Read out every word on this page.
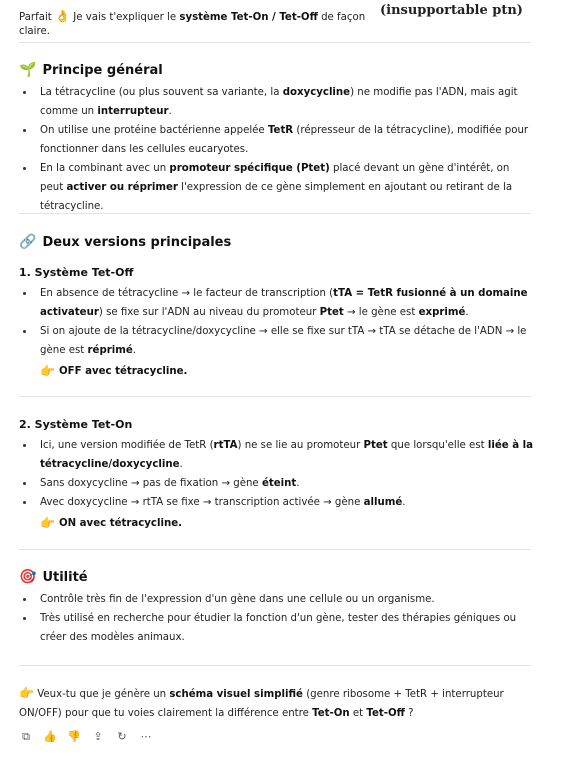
Parfait 👌 Je vais t'expliquer le système Tet-On / Tet-Off de façon claire.
(insupportable ptn)
🌱 Principe général
La tétracycline (ou plus souvent sa variante, la doxycycline) ne modifie pas l'ADN, mais agit comme un interrupteur.
On utilise une protéine bactérienne appelée TetR (répresseur de la tétracycline), modifiée pour fonctionner dans les cellules eucaryotes.
En la combinant avec un promoteur spécifique (Ptet) placé devant un gène d'intérêt, on peut activer ou réprimer l'expression de ce gène simplement en ajoutant ou retirant de la tétracycline.
🔗 Deux versions principales
1. Système Tet-Off
En absence de tétracycline → le facteur de transcription (tTA = TetR fusionné à un domaine activateur) se fixe sur l'ADN au niveau du promoteur Ptet → le gène est exprimé.
Si on ajoute de la tétracycline/doxycycline → elle se fixe sur tTA → tTA se détache de l'ADN → le gène est réprimé.
👉 OFF avec tétracycline.
2. Système Tet-On
Ici, une version modifiée de TetR (rtTA) ne se lie au promoteur Ptet que lorsqu'elle est liée à la tétracycline/doxycycline.
Sans doxycycline → pas de fixation → gène éteint.
Avec doxycycline → rtTA se fixe → transcription activée → gène allumé.
👉 ON avec tétracycline.
🎯 Utilité
Contrôle très fin de l'expression d'un gène dans une cellule ou un organisme.
Très utilisé en recherche pour étudier la fonction d'un gène, tester des thérapies géniques ou créer des modèles animaux.
👉 Veux-tu que je génère un schéma visuel simplifié (genre ribosome + TetR + interrupteur ON/OFF) pour que tu voies clairement la différence entre Tet-On et Tet-Off ?
⧉ 👍 👎 ⇪ ↻ ⋯
